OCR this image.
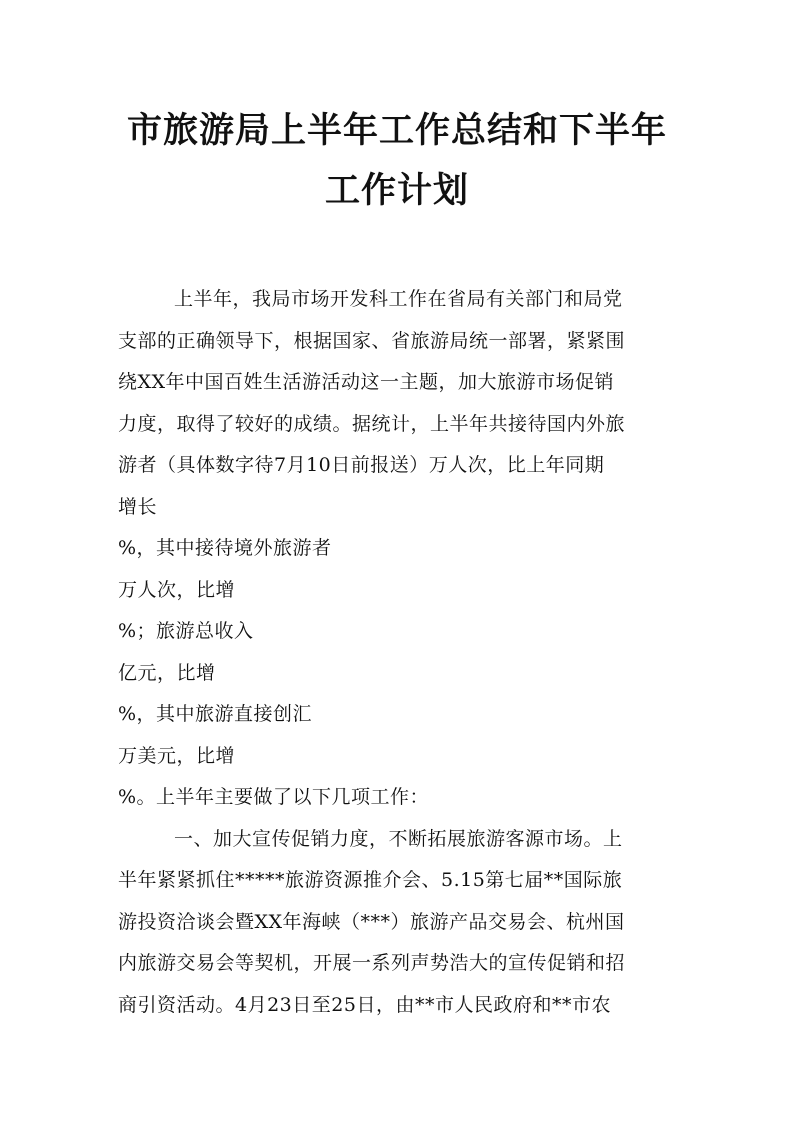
市旅游局上半年工作总结和下半年
工作计划
上半年，我局市场开发科工作在省局有关部门和局党
支部的正确领导下，根据国家、省旅游局统一部署，紧紧围
绕XX年中国百姓生活游活动这一主题，加大旅游市场促销
力度，取得了较好的成绩。据统计，上半年共接待国内外旅
游者（具体数字待7月10日前报送）万人次，比上年同期
增长
%，其中接待境外旅游者
万人次，比增
%；旅游总收入
亿元，比增
%，其中旅游直接创汇
万美元，比增
%。上半年主要做了以下几项工作：
一、加大宣传促销力度，不断拓展旅游客源市场。上
半年紧紧抓住*****旅游资源推介会、5.15第七届**国际旅
游投资洽谈会暨XX年海峡（***）旅游产品交易会、杭州国
内旅游交易会等契机，开展一系列声势浩大的宣传促销和招
商引资活动。4月23日至25日，由**市人民政府和**市农
